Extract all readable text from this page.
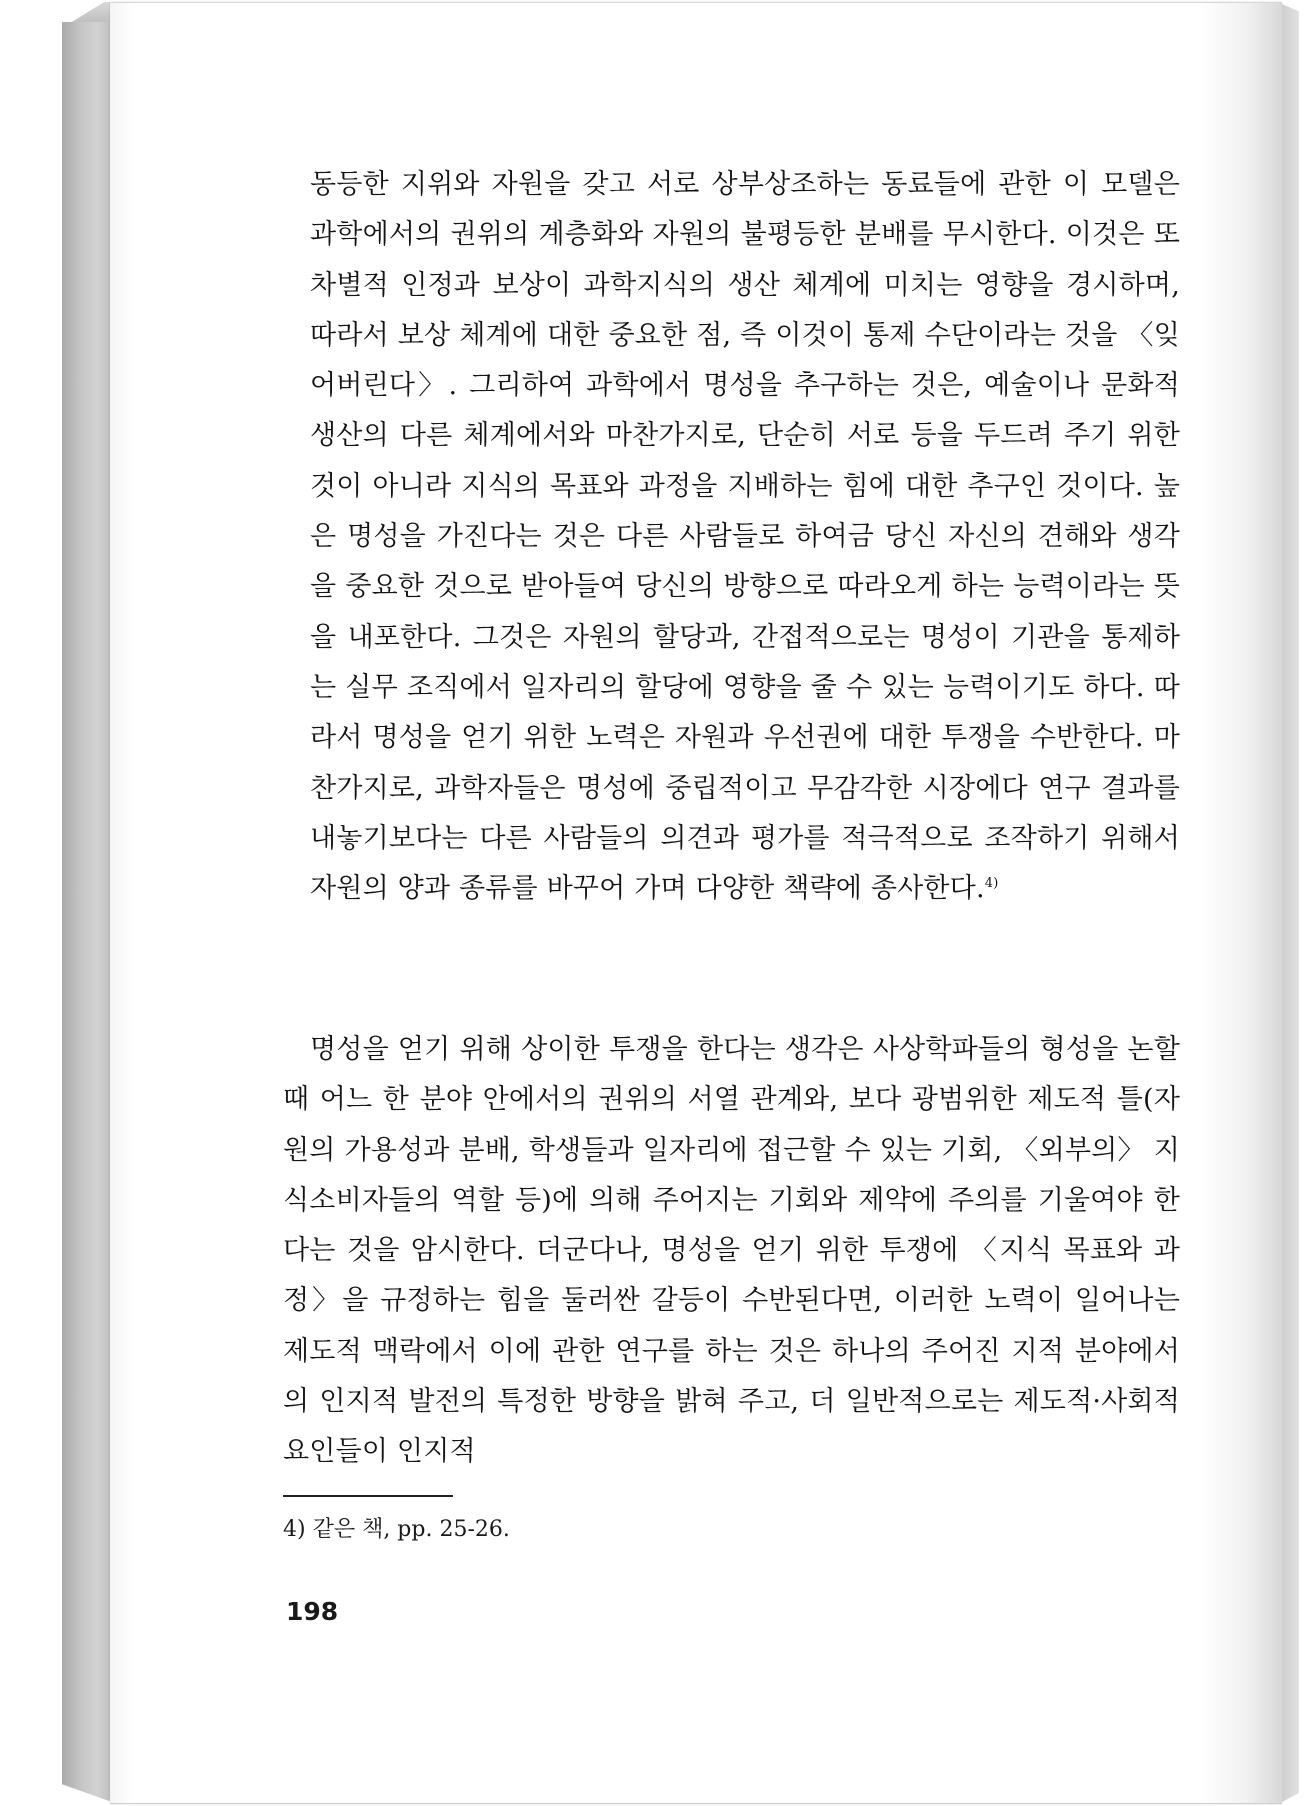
동등한 지위와 자원을 갖고 서로 상부상조하는 동료들에 관한 이 모델은 과학에서의 권위의 계층화와 자원의 불평등한 분배를 무시한다. 이것은 또 차별적 인정과 보상이 과학지식의 생산 체계에 미치는 영향을 경시하며, 따라서 보상 체계에 대한 중요한 점, 즉 이것이 통제 수단이라는 것을 〈잊어버린다〉. 그리하여 과학에서 명성을 추구하는 것은, 예술이나 문화적 생산의 다른 체계에서와 마찬가지로, 단순히 서로 등을 두드려 주기 위한 것이 아니라 지식의 목표와 과정을 지배하는 힘에 대한 추구인 것이다. 높은 명성을 가진다는 것은 다른 사람들로 하여금 당신 자신의 견해와 생각을 중요한 것으로 받아들여 당신의 방향으로 따라오게 하는 능력이라는 뜻을 내포한다. 그것은 자원의 할당과, 간접적으로는 명성이 기관을 통제하는 실무 조직에서 일자리의 할당에 영향을 줄 수 있는 능력이기도 하다. 따라서 명성을 얻기 위한 노력은 자원과 우선권에 대한 투쟁을 수반한다. 마찬가지로, 과학자들은 명성에 중립적이고 무감각한 시장에다 연구 결과를 내놓기보다는 다른 사람들의 의견과 평가를 적극적으로 조작하기 위해서 자원의 양과 종류를 바꾸어 가며 다양한 책략에 종사한다.$^{4)}$

명성을 얻기 위해 상이한 투쟁을 한다는 생각은 사상학파들의 형성을 논할 때 어느 한 분야 안에서의 권위의 서열 관계와, 보다 광범위한 제도적 틀(자원의 가용성과 분배, 학생들과 일자리에 접근할 수 있는 기회, 〈외부의〉 지식소비자들의 역할 등)에 의해 주어지는 기회와 제약에 주의를 기울여야 한다는 것을 암시한다. 더군다나, 명성을 얻기 위한 투쟁에 〈지식 목표와 과정〉을 규정하는 힘을 둘러싼 갈등이 수반된다면, 이러한 노력이 일어나는 제도적 맥락에서 이에 관한 연구를 하는 것은 하나의 주어진 지적 분야에서의 인지적 발전의 특정한 방향을 밝혀 주고, 더 일반적으로는 제도적·사회적 요인들이 인지적

4) 같은 책, pp. 25-26.
198
